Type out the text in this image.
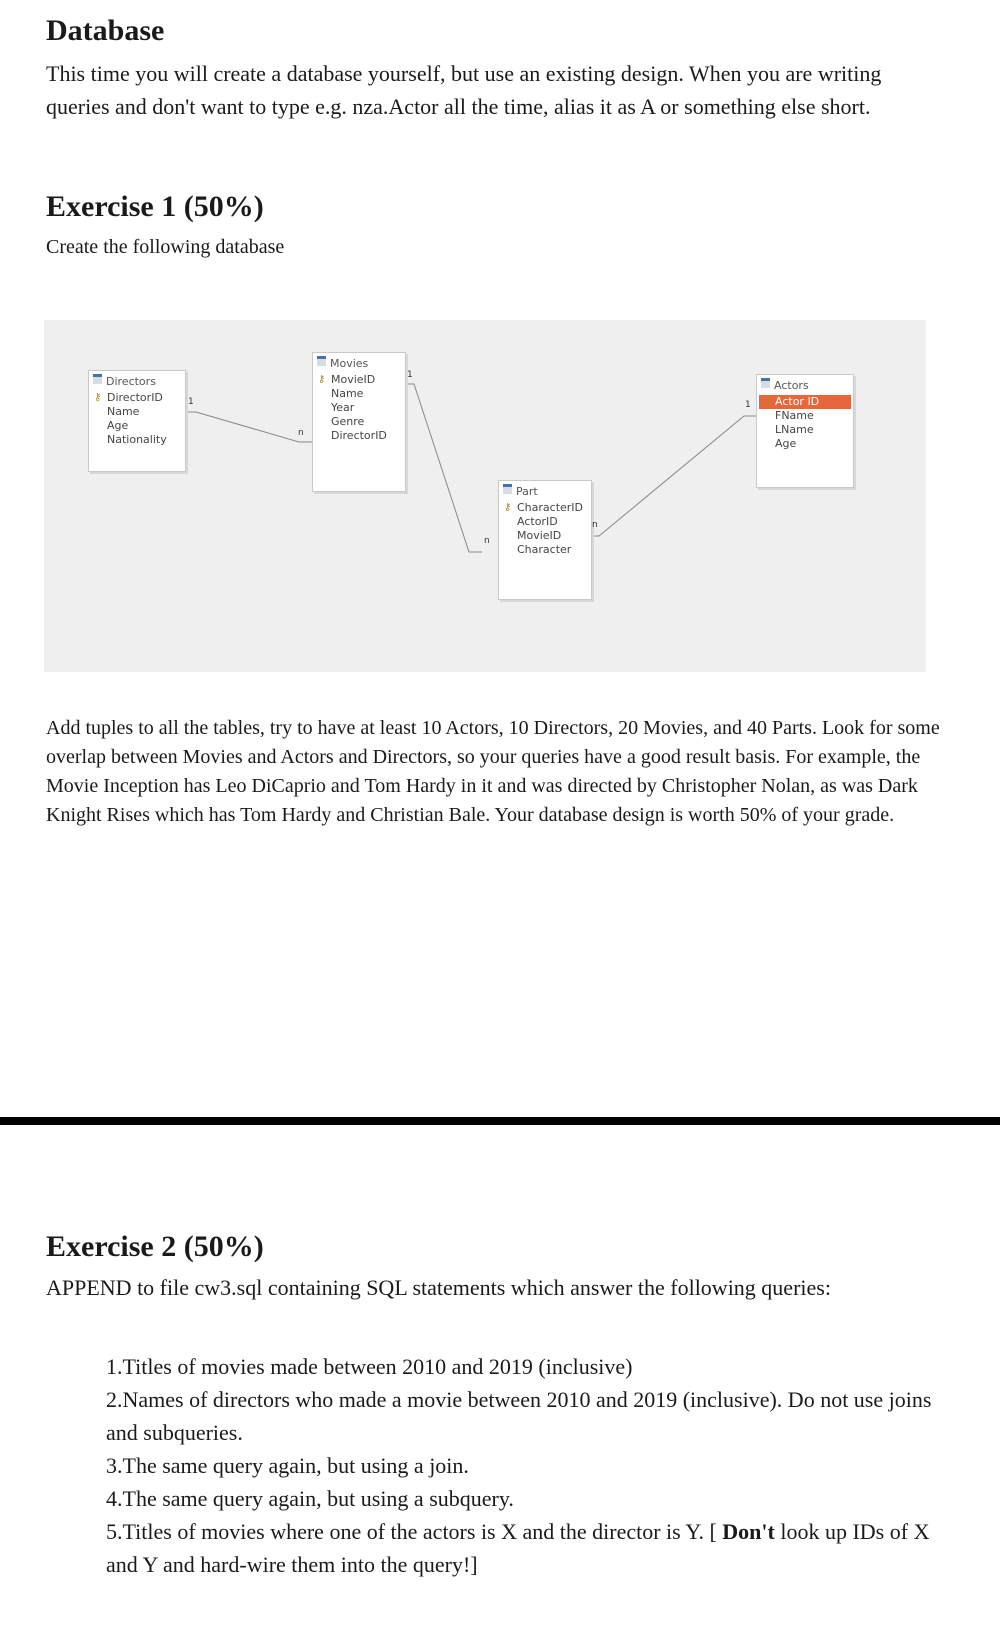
Database

This time you will create a database yourself, but use an existing design. When you are writing queries and don't want to type e.g. nza.Actor all the time, alias it as A or something else short.

Exercise 1 (50%)
Create the following database
Directors
⚷ DirectorID
Name
Age
Nationality
Movies
⚷ MovieID
Name
Year
Genre
DirectorID
Part
⚷ CharacterID
ActorID
MovieID
Character
Actors
⚷ Actor ID
FName
LName
Age
1
n
1
n
n
1

Add tuples to all the tables, try to have at least 10 Actors, 10 Directors, 20 Movies, and 40 Parts. Look for some overlap between Movies and Actors and Directors, so your queries have a good result basis. For example, the Movie Inception has Leo DiCaprio and Tom Hardy in it and was directed by Christopher Nolan, as was Dark Knight Rises which has Tom Hardy and Christian Bale. Your database design is worth 50% of your grade.

Exercise 2 (50%)

APPEND to file cw3.sql containing SQL statements which answer the following queries:

1.Titles of movies made between 2010 and 2019 (inclusive)
2.Names of directors who made a movie between 2010 and 2019 (inclusive). Do not use joins and subqueries.
3.The same query again, but using a join.
4.The same query again, but using a subquery.
5.Titles of movies where one of the actors is X and the director is Y. [ Don't look up IDs of X and Y and hard-wire them into the query!]
